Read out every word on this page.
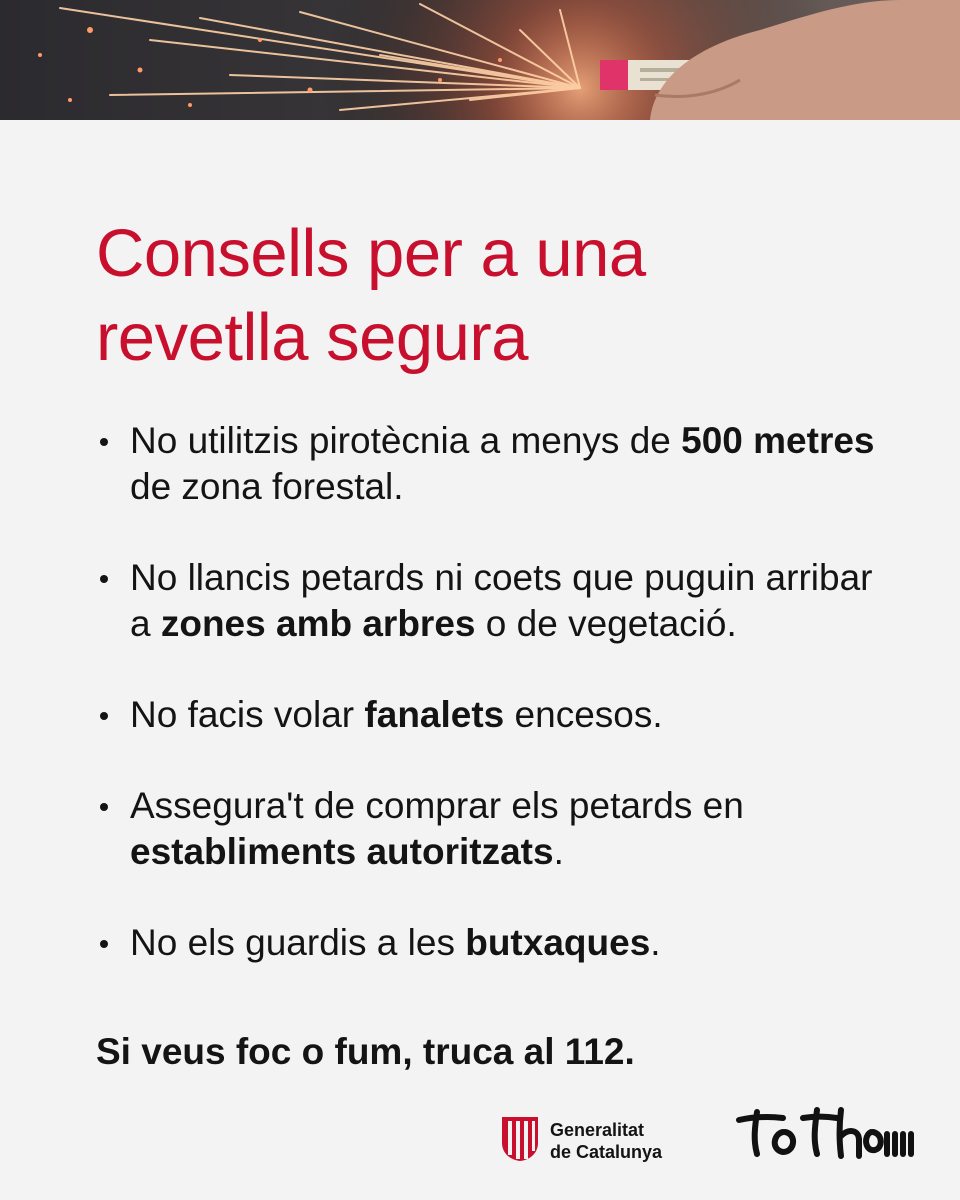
Consells per a una
revetlla segura
No utilitzis pirotècnia a menys de 500 metres de zona forestal.
No llancis petards ni coets que puguin arribar a zones amb arbres o de vegetació.
No facis volar fanalets encesos.
Assegura't de comprar els petards en establiments autoritzats.
No els guardis a les butxaques.

Si veus foc o fum, truca al 112.

Generalitat
de Catalunya
